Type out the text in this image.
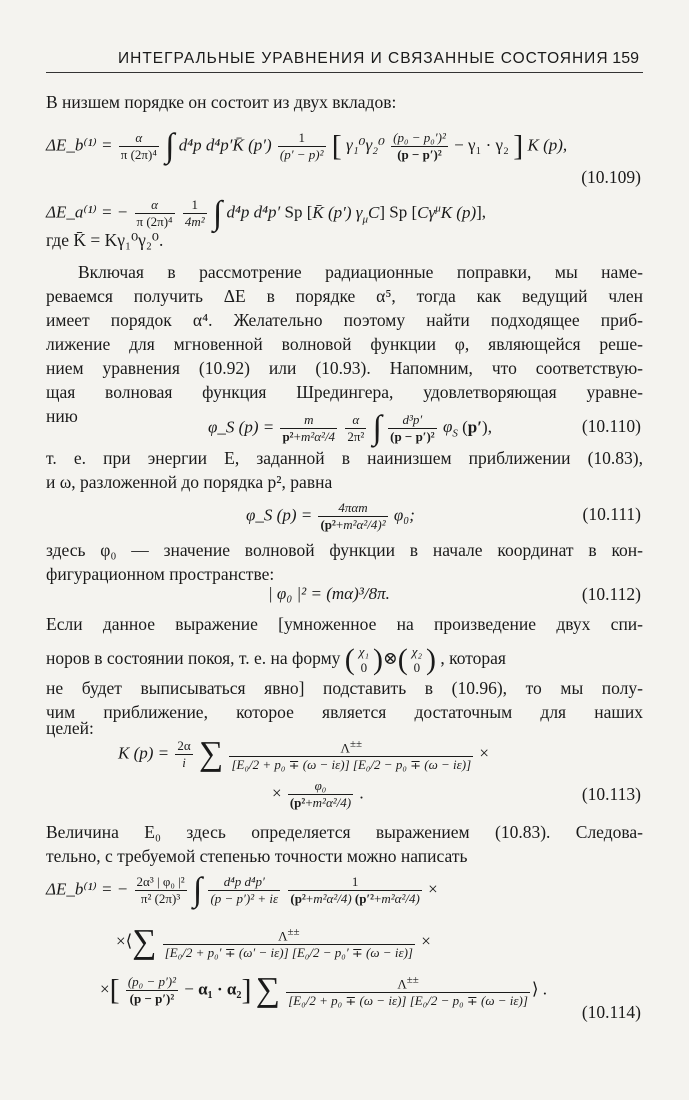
ИНТЕГРАЛЬНЫЕ УРАВНЕНИЯ И СВЯЗАННЫЕ СОСТОЯНИЯ 159
В низшем порядке он состоит из двух вкладов:
ΔE_b⁽¹⁾ = $\frac{\alpha}{\text{π (2π)⁴}}$ ∫ d⁴p d⁴p′K̄ $(p') \frac{1}{\text{(p′ − p)²}}$ [ $\gamma_1^0\gamma_2^0 \frac{\text{(p₀ − p₀′)²}}{\text{(p − p′)²}} - \gamma_1 \cdot \gamma_2$ ] K (p),
(10.109)
ΔE_a⁽¹⁾ = − $\frac{\alpha}{\text{π (2π)⁴}}$
$\frac{1}{\text{4m²}}$ ∫ d⁴p d⁴p′ Sp [K̄ (p′) $\gamma_\mu C$] Sp [$C\gamma^\mu K$ (p)],
где K̄ = Kγ₁⁰γ₂⁰.
Включая в рассмотрение радиационные поправки, мы наме-
реваемся получить ΔE в порядке α⁵, тогда как ведущий член
имеет порядок α⁴. Желательно поэтому найти подходящее приб-
лижение для мгновенной волновой функции φ, являющейся реше-
нием уравнения (10.92) или (10.93). Напомним, что соответствую-
щая волновая функция Шредингера, удовлетворяющая уравне-
нию
φ_S $(p) = \frac{m}{\text{p²+m²α²/4}}$
$\frac{\alpha}{\text{2π²}}$ ∫ $\frac{\text{d³p′}}{\text{(p − p′)²}} \varphi_S$ (p′),	(10.110)
т. е. при энергии E, заданной в наинизшем приближении (10.83),
и ω, разложенной до порядка p², равна
φ_S $(p) = \frac{\text{4παm}}{\text{(p²+m²α²/4)²}} \varphi_0$;	(10.111)
здесь φ₀ — значение волновой функции в начале координат в кон-
фигурационном пространстве:
| φ₀ |² = (mα)³/8π.	(10.112)
Если данное выражение [умноженное на произведение двух спи-
норов в состоянии покоя, т. е. на форму ( χ₁
0 )⊗( χ₂
0 ) , которая
не будет выписываться явно] подставить в (10.96), то мы полу-
чим приближение, которое является достаточным для наших
целей:
K $(p) = \frac{2\alpha}{i}$ ∑ $\frac{\Lambda^{\pm\pm}}{\text{[E₀/2 + p₀ ∓ (ω − iε)] [E₀/2 − p₀ ∓ (ω − iε)]}}$ ×
× $\frac{\text{φ₀}}{\text{(p²+m²α²/4)}}$ .	(10.113)
Величина E₀ здесь определяется выражением (10.83). Следова-
тельно, с требуемой степенью точности можно написать
ΔE_b⁽¹⁾ = − $\frac{\text{2α³ | φ₀ |²}}{\text{π² (2π)³}}$ ∫ $\frac{\text{d⁴p d⁴p′}}{\text{(p − p′)² + iε}}$
$\frac{1}{\text{(p²+m²α²/4) (p′²+m²α²/4)}}$ ×
×⟨∑ $\frac{\Lambda^{\pm\pm}}{\text{[E₀/2 + p₀′ ∓ (ω′ − iε)] [E₀/2 − p₀′ ∓ (ω − iε)]}}$ ×
×[ $\frac{\text{(p₀ − p′)²}}{\text{(p − p′)²}} - \alpha_1 \cdot \alpha_2$] ∑ $\frac{\Lambda^{\pm\pm}}{\text{[E₀/2 + p₀ ∓ (ω − iε)] [E₀/2 − p₀ ∓ (ω − iε)]}}$ ⟩ .
(10.114)
